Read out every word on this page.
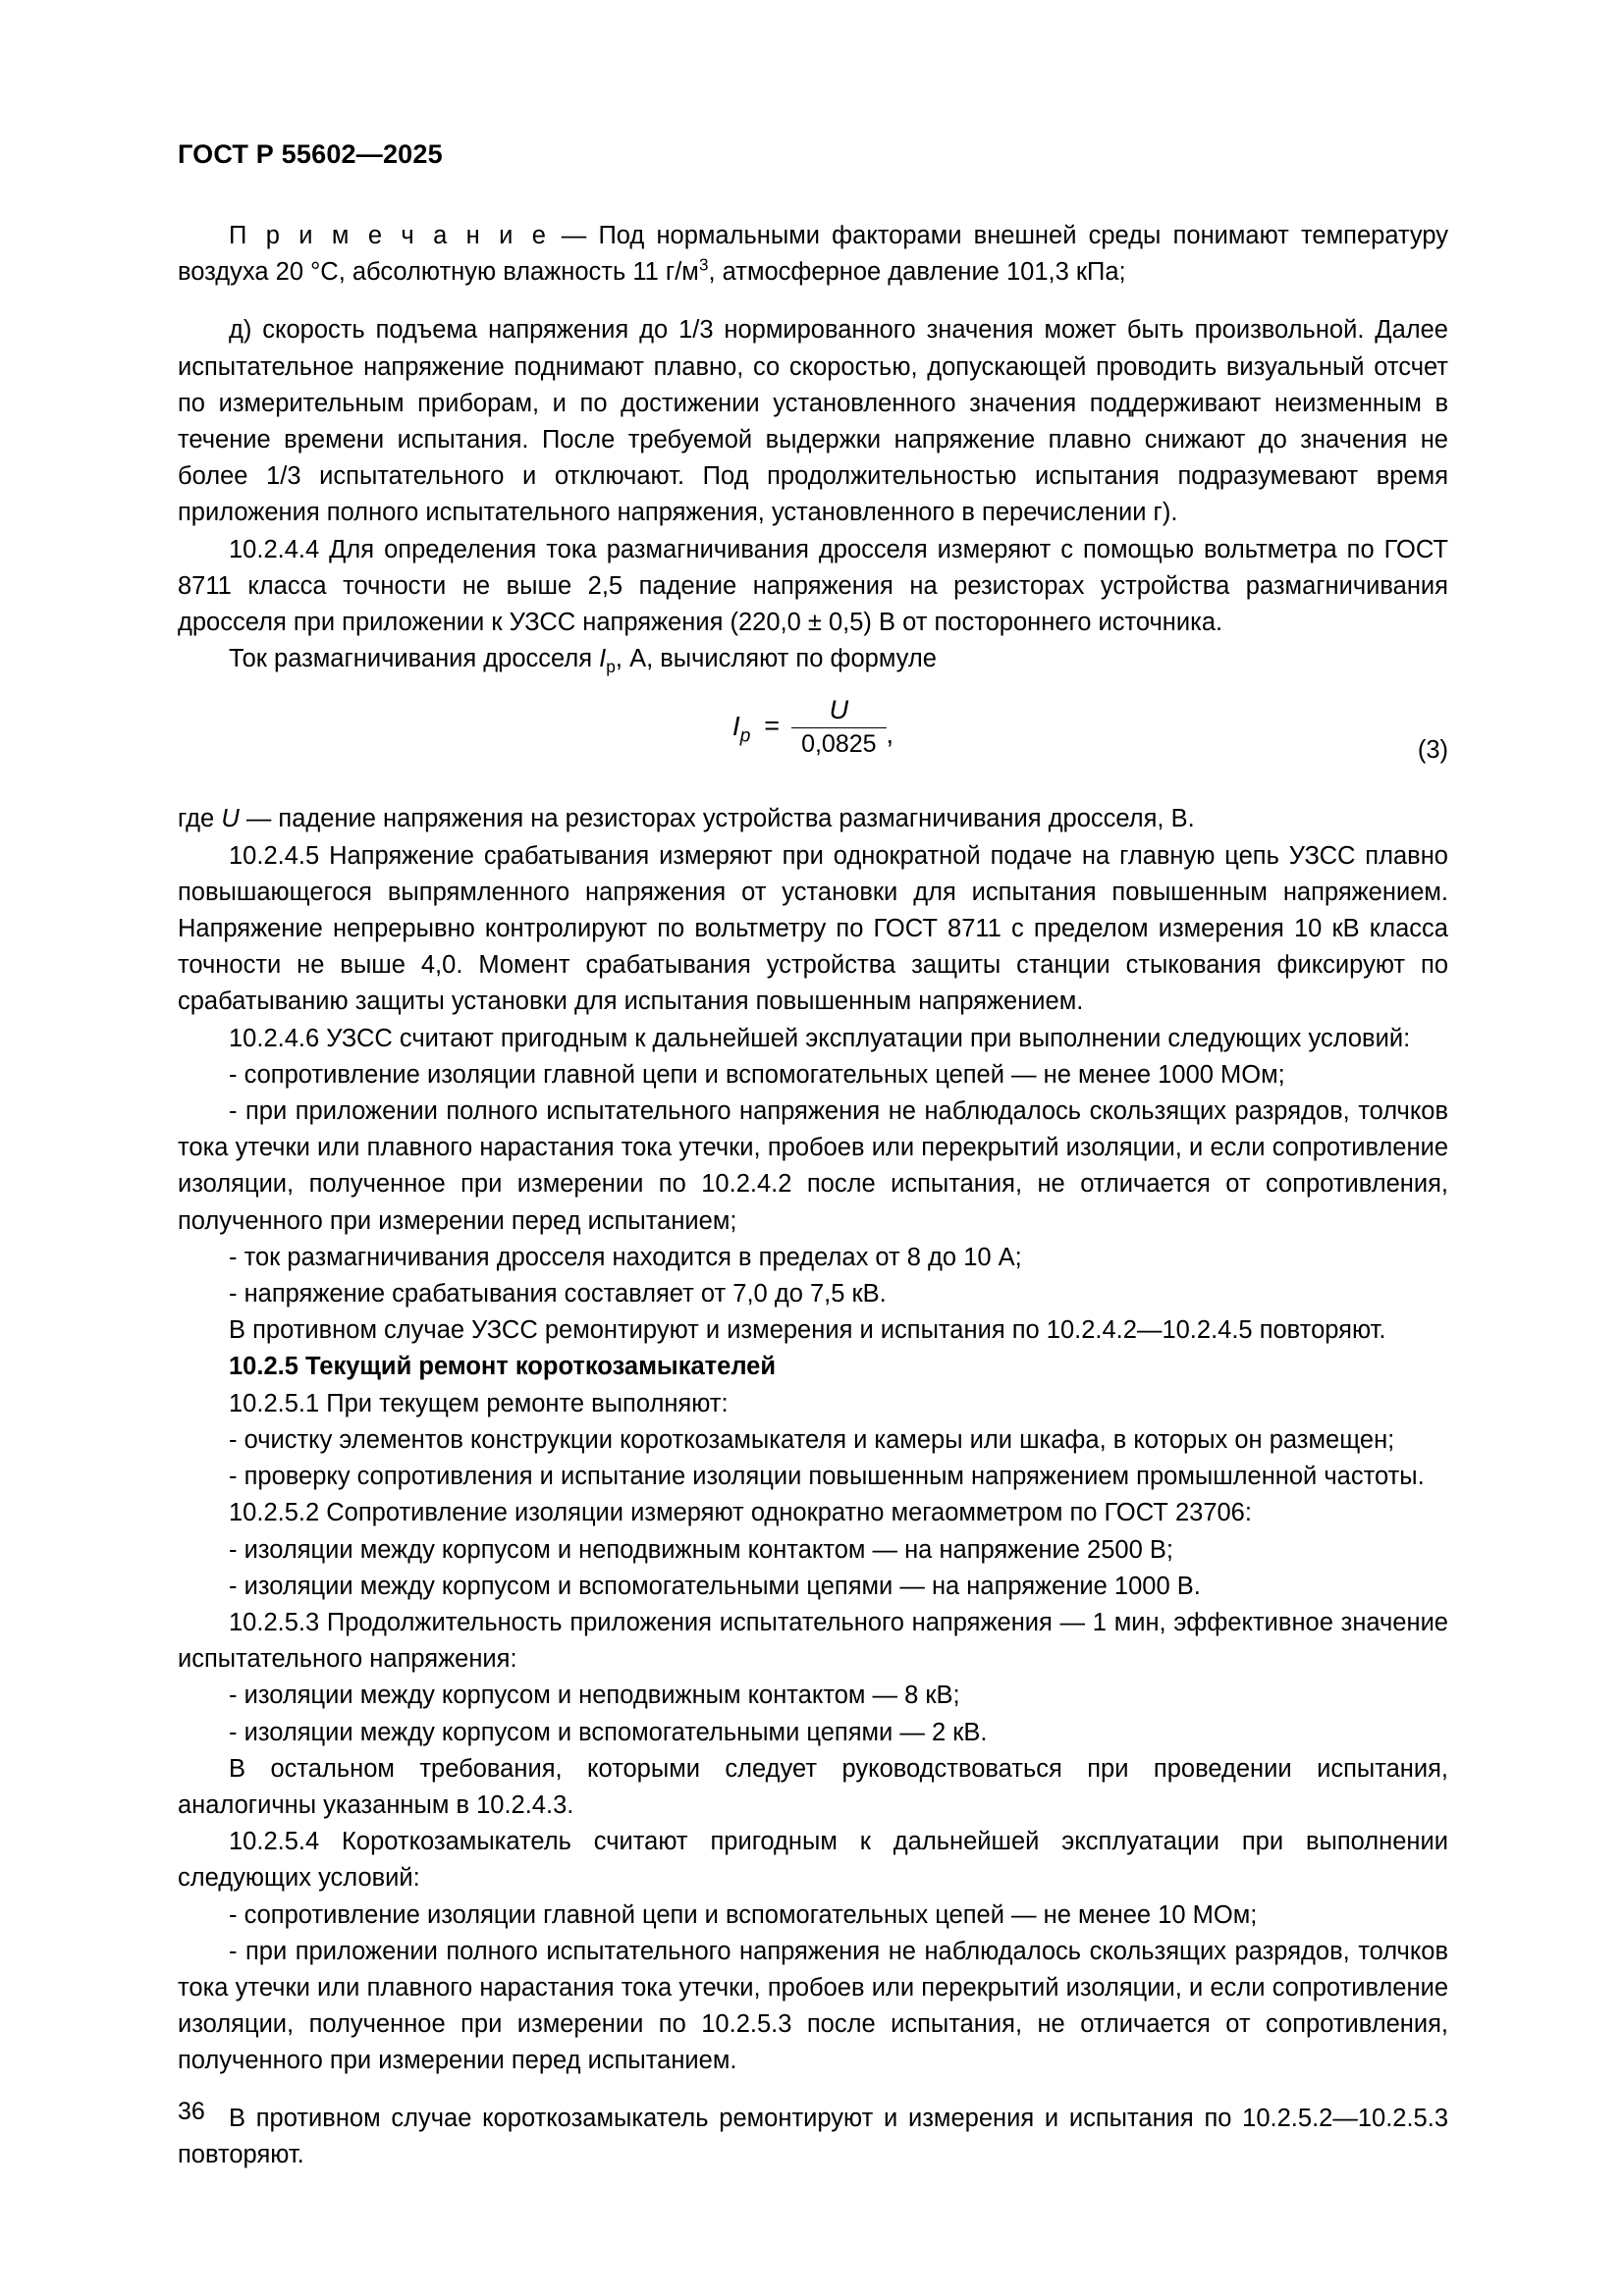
ГОСТ Р 55602—2025

П р и м е ч а н и е — Под нормальными факторами внешней среды понимают температуру воздуха 20 °C, абсолютную влажность 11 $г/м^3$, атмосферное давление 101,3 кПа;

д) скорость подъема напряжения до 1/3 нормированного значения может быть произвольной. Далее испытательное напряжение поднимают плавно, со скоростью, допускающей проводить визуальный отсчет по измерительным приборам, и по достижении установленного значения поддерживают неизменным в течение времени испытания. После требуемой выдержки напряжение плавно снижают до значения не более 1/3 испытательного и отключают. Под продолжительностью испытания подразумевают время приложения полного испытательного напряжения, установленного в перечислении г).

10.2.4.4 Для определения тока размагничивания дросселя измеряют с помощью вольтметра по ГОСТ 8711 класса точности не выше 2,5 падение напряжения на резисторах устройства размагничивания дросселя при приложении к УЗСС напряжения (220,0 ± 0,5) В от постороннего источника.

Ток размагничивания дросселя $I_р$, А, вычисляют по формуле

$I_р = \frac{U}{0,0825}$ ,
(3)

где U — падение напряжения на резисторах устройства размагничивания дросселя, В.

10.2.4.5 Напряжение срабатывания измеряют при однократной подаче на главную цепь УЗСС плавно повышающегося выпрямленного напряжения от установки для испытания повышенным напряжением. Напряжение непрерывно контролируют по вольтметру по ГОСТ 8711 с пределом измерения 10 кВ класса точности не выше 4,0. Момент срабатывания устройства защиты станции стыкования фиксируют по срабатыванию защиты установки для испытания повышенным напряжением.

10.2.4.6 УЗСС считают пригодным к дальнейшей эксплуатации при выполнении следующих условий:

- сопротивление изоляции главной цепи и вспомогательных цепей — не менее 1000 МОм;

- при приложении полного испытательного напряжения не наблюдалось скользящих разрядов, толчков тока утечки или плавного нарастания тока утечки, пробоев или перекрытий изоляции, и если сопротивление изоляции, полученное при измерении по 10.2.4.2 после испытания, не отличается от сопротивления, полученного при измерении перед испытанием;

- ток размагничивания дросселя находится в пределах от 8 до 10 А;

- напряжение срабатывания составляет от 7,0 до 7,5 кВ.

В противном случае УЗСС ремонтируют и измерения и испытания по 10.2.4.2—10.2.4.5 повторяют.

10.2.5 Текущий ремонт короткозамыкателей

10.2.5.1 При текущем ремонте выполняют:

- очистку элементов конструкции короткозамыкателя и камеры или шкафа, в которых он размещен;

- проверку сопротивления и испытание изоляции повышенным напряжением промышленной частоты.

10.2.5.2 Сопротивление изоляции измеряют однократно мегаомметром по ГОСТ 23706:

- изоляции между корпусом и неподвижным контактом — на напряжение 2500 В;

- изоляции между корпусом и вспомогательными цепями — на напряжение 1000 В.

10.2.5.3 Продолжительность приложения испытательного напряжения — 1 мин, эффективное значение испытательного напряжения:

- изоляции между корпусом и неподвижным контактом — 8 кВ;

- изоляции между корпусом и вспомогательными цепями — 2 кВ.

В остальном требования, которыми следует руководствоваться при проведении испытания, аналогичны указанным в 10.2.4.3.

10.2.5.4 Короткозамыкатель считают пригодным к дальнейшей эксплуатации при выполнении следующих условий:

- сопротивление изоляции главной цепи и вспомогательных цепей — не менее 10 МОм;

- при приложении полного испытательного напряжения не наблюдалось скользящих разрядов, толчков тока утечки или плавного нарастания тока утечки, пробоев или перекрытий изоляции, и если сопротивление изоляции, полученное при измерении по 10.2.5.3 после испытания, не отличается от сопротивления, полученного при измерении перед испытанием.

В противном случае короткозамыкатель ремонтируют и измерения и испытания по 10.2.5.2—10.2.5.3 повторяют.

36
